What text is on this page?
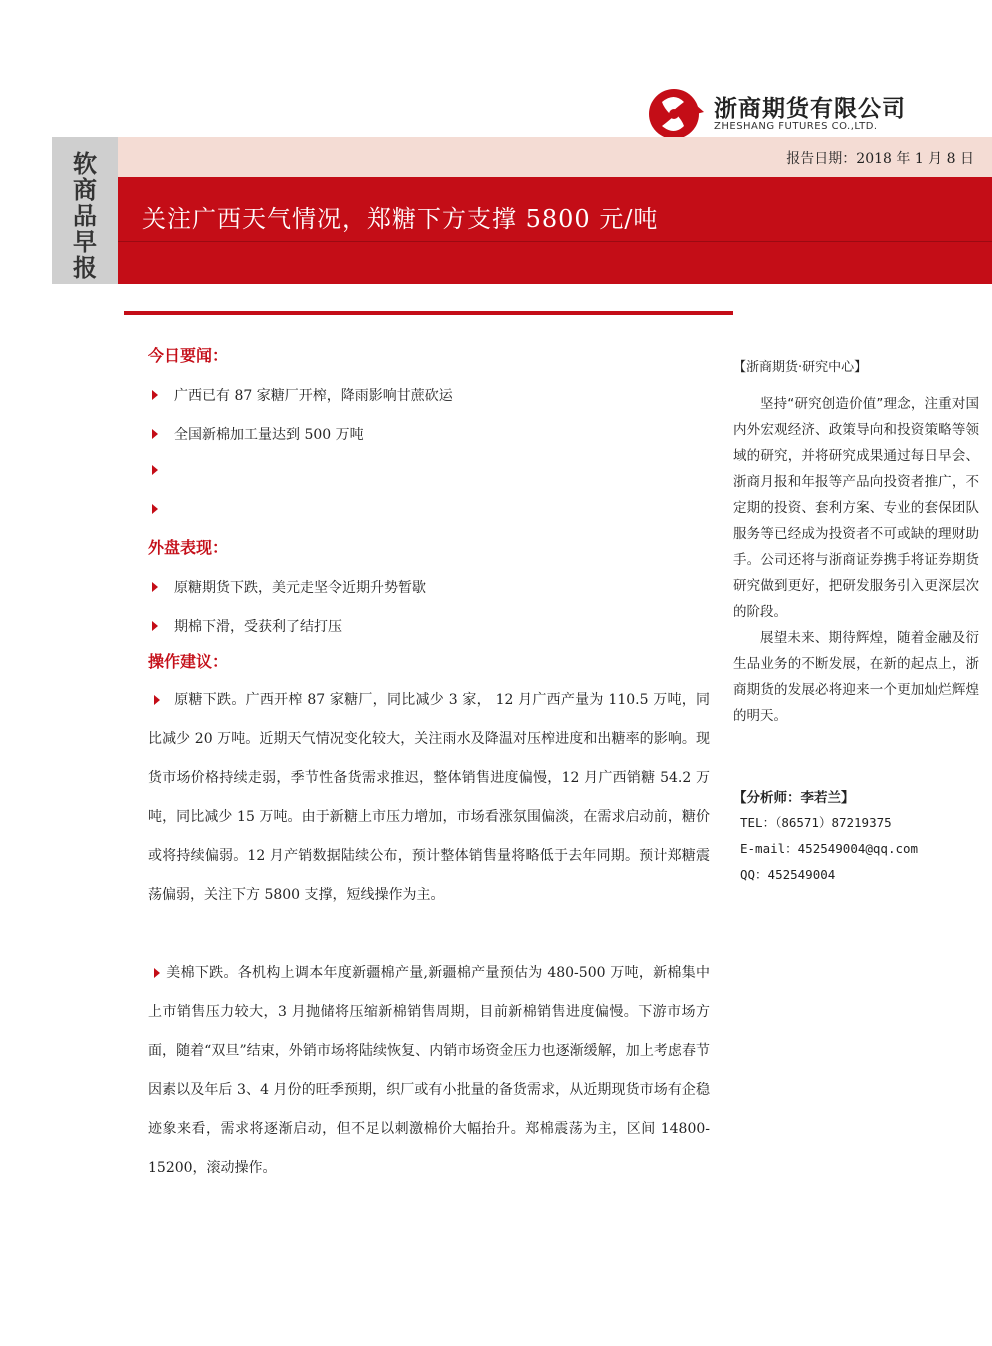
浙商期货有限公司
ZHESHANG FUTURES CO.,LTD.
软商品早报
报告日期：2018 年 1 月 8 日
关注广西天气情况，郑糖下方支撑 5800 元/吨
今日要闻：
广西已有 87 家糖厂开榨，降雨影响甘蔗砍运
全国新棉加工量达到 500 万吨
外盘表现：
原糖期货下跌，美元走坚令近期升势暂歇
期棉下滑，受获利了结打压
操作建议：
原糖下跌。广西开榨 87 家糖厂，同比减少 3 家， 12 月广西产量为 110.5 万吨，同比减少 20 万吨。近期天气情况变化较大，关注雨水及降温对压榨进度和出糖率的影响。现货市场价格持续走弱，季节性备货需求推迟，整体销售进度偏慢，12 月广西销糖 54.2 万吨，同比减少 15 万吨。由于新糖上市压力增加，市场看涨氛围偏淡，在需求启动前，糖价或将持续偏弱。12 月产销数据陆续公布，预计整体销售量将略低于去年同期。预计郑糖震荡偏弱，关注下方 5800 支撑，短线操作为主。
美棉下跌。各机构上调本年度新疆棉产量,新疆棉产量预估为 480-500 万吨，新棉集中上市销售压力较大，3 月抛储将压缩新棉销售周期，目前新棉销售进度偏慢。下游市场方面，随着“双旦”结束，外销市场将陆续恢复、内销市场资金压力也逐渐缓解，加上考虑春节因素以及年后 3、4 月份的旺季预期，织厂或有小批量的备货需求，从近期现货市场有企稳迹象来看，需求将逐渐启动，但不足以刺激棉价大幅抬升。郑棉震荡为主，区间 14800-15200，滚动操作。
【浙商期货·研究中心】

坚持“研究创造价值”理念，注重对国内外宏观经济、政策导向和投资策略等领域的研究，并将研究成果通过每日早会、浙商月报和年报等产品向投资者推广，不定期的投资、套利方案、专业的套保团队服务等已经成为投资者不可或缺的理财助手。公司还将与浙商证券携手将证券期货研究做到更好，把研发服务引入更深层次的阶段。

展望未来、期待辉煌，随着金融及衍生品业务的不断发展，在新的起点上，浙商期货的发展必将迎来一个更加灿烂辉煌的明天。

【分析师：李若兰】
TEL：（86571）87219375
E-mail：452549004@qq.com
QQ：452549004
